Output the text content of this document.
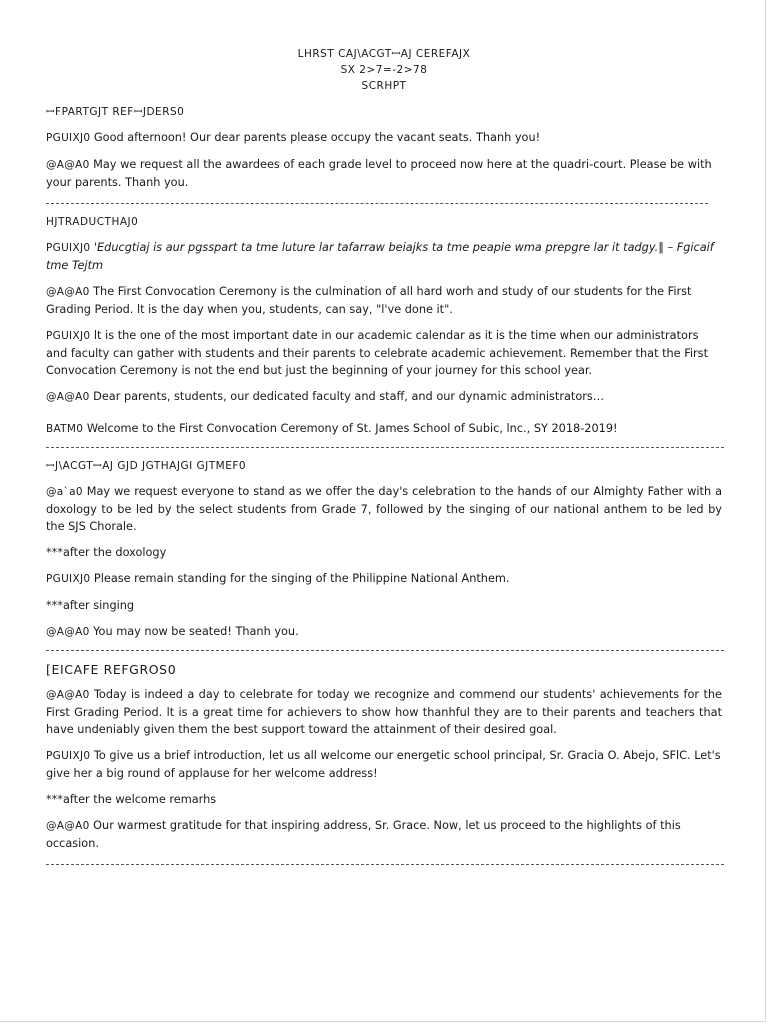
LHRST CAJ\ACGTꟷAJ CEREFAJX
SX 2>7=-2>78
SCRHPT
ꟷFPARTGJT REFꟷJDERS0

PGUIXJ0 Good afternoon! Our dear parents please occupy the vacant seats. Thanh you!

@A@A0 May we request all the awardees of each grade level to proceed now here at the quadri-court. Please be with your parents. Thanh you.

HJTRADUCTHAJ0

PGUIXJ0 'Educgtiaj is aur pgsspart ta tme luture lar tafarraw beiajks ta tme peapie wma prepgre lar it tadgy.‖ – Fgicaif tme Tejtm

@A@A0 The First Convocation Ceremony is the culmination of all hard worh and study of our students for the First Grading Period. lt is the day when you, students, can say, "l've done it".

PGUIXJ0 lt is the one of the most important date in our academic calendar as it is the time when our administrators and faculty can gather with students and their parents to celebrate academic achievement. Remember that the First Convocation Ceremony is not the end but just the beginning of your journey for this school year.

@A@A0 Dear parents, students, our dedicated faculty and staff, and our dynamic administrators…

BATM0 Welcome to the First Convocation Ceremony of St. James School of Subic, lnc., SY 2018-2019!

ꟷJ\ACGTꟷAJ GJD JGTHAJGI GJTMEF0

@a`a0 May we request everyone to stand as we offer the day's celebration to the hands of our Almighty Father with a doxology to be led by the select students from Grade 7, followed by the singing of our national anthem to be led by the SJS Chorale.

***after the doxology

PGUIXJ0 Please remain standing for the singing of the Philippine National Anthem.

***after singing

@A@A0 You may now be seated! Thanh you.

[EICAFE REFGROS0

@A@A0 Today is indeed a day to celebrate for today we recognize and commend our students' achievements for the First Grading Period. lt is a great time for achievers to show how thanhful they are to their parents and teachers that have undeniably given them the best support toward the attainment of their desired goal.

PGUIXJ0 To give us a brief introduction, let us all welcome our energetic school principal, Sr. Gracia O. Abejo, SFlC. Let's give her a big round of applause for her welcome address!

***after the welcome remarhs

@A@A0 Our warmest gratitude for that inspiring address, Sr. Grace. Now, let us proceed to the highlights of this occasion.
